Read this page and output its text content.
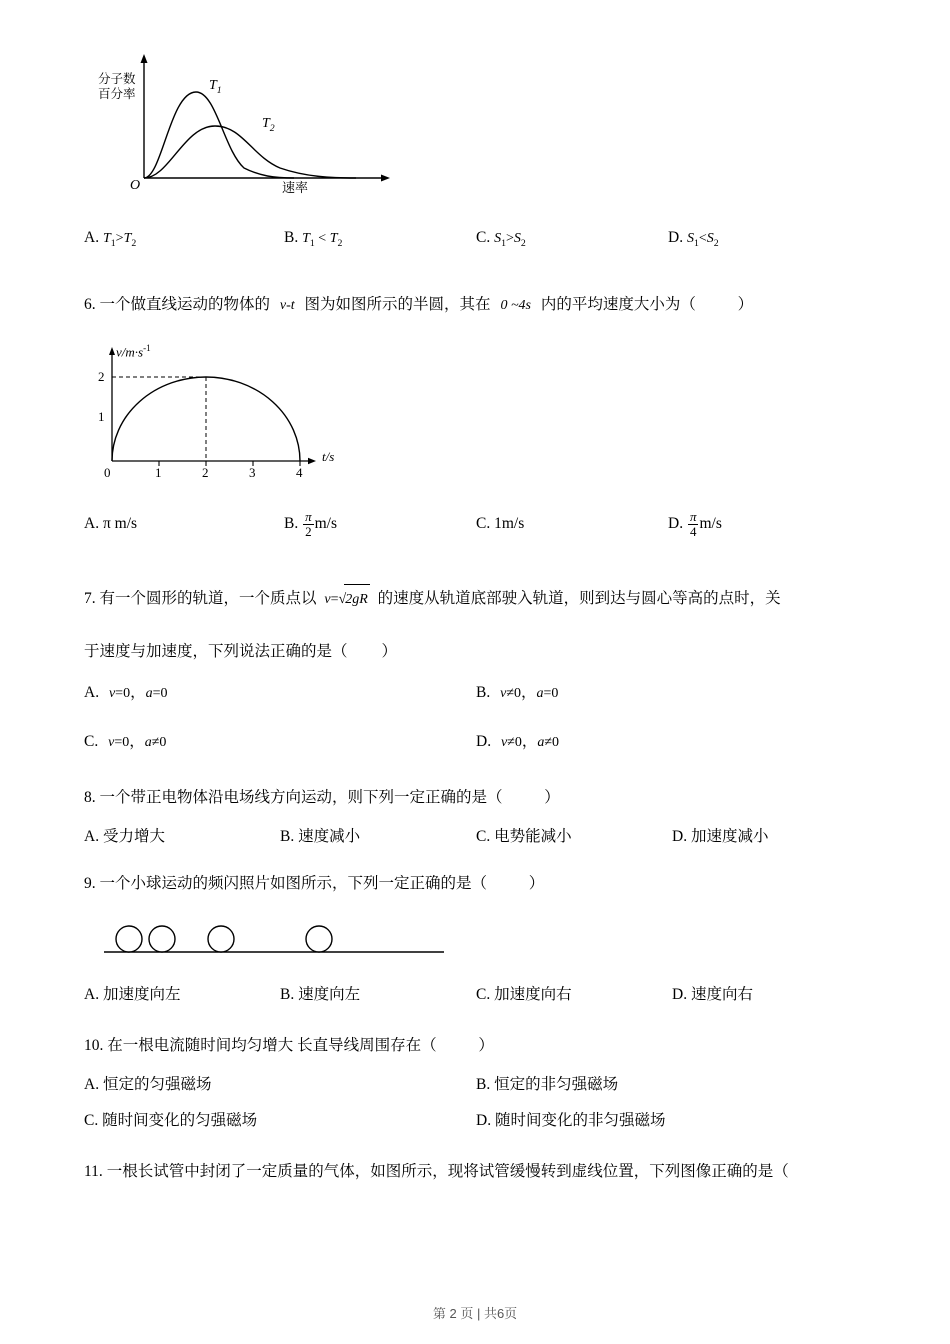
分子数
百分率
速率
O
$T_1$
$T_2$
A. $T_1>T_2$	B. $T_1 < T_2$	C. $S_1>S_2$	D. $S_1<S_2$

6. 一个做直线运动的物体的 v-t 图为如图所示的半圆，其在 0 ~4s 内的平均速度大小为（	）

$v/m\cdot s^{-1}$
t/s
2
1
0	1	2	3	4
A. π m/s	B. $\frac{\pi}{2} m/s$	C. 1m/s	D. $\frac{\pi}{4} m/s$

7. 有一个圆形的轨道，一个质点以 v=√2gR 的速度从轨道底部驶入轨道，则到达与圆心等高的点时，关

于速度与加速度，下列说法正确的是（ ）

A. v=0，a=0	B. v≠0，a=0
C. v=0，a≠0	D. v≠0，a≠0

8. 一个带正电物体沿电场线方向运动，则下列一定正确的是（	）

A. 受力增大	B. 速度减小	C. 电势能减小	D. 加速度减小

9. 一个小球运动的频闪照片如图所示，下列一定正确的是（	）

A. 加速度向左	B. 速度向左	C. 加速度向右	D. 速度向右

10. 在一根电流随时间均匀增大 长直导线周围存在（	）

A. 恒定的匀强磁场	B. 恒定的非匀强磁场
C. 随时间变化的匀强磁场	D. 随时间变化的非匀强磁场

11. 一根长试管中封闭了一定质量的气体，如图所示，现将试管缓慢转到虚线位置，下列图像正确的是（

第 2 页 | 共6页
